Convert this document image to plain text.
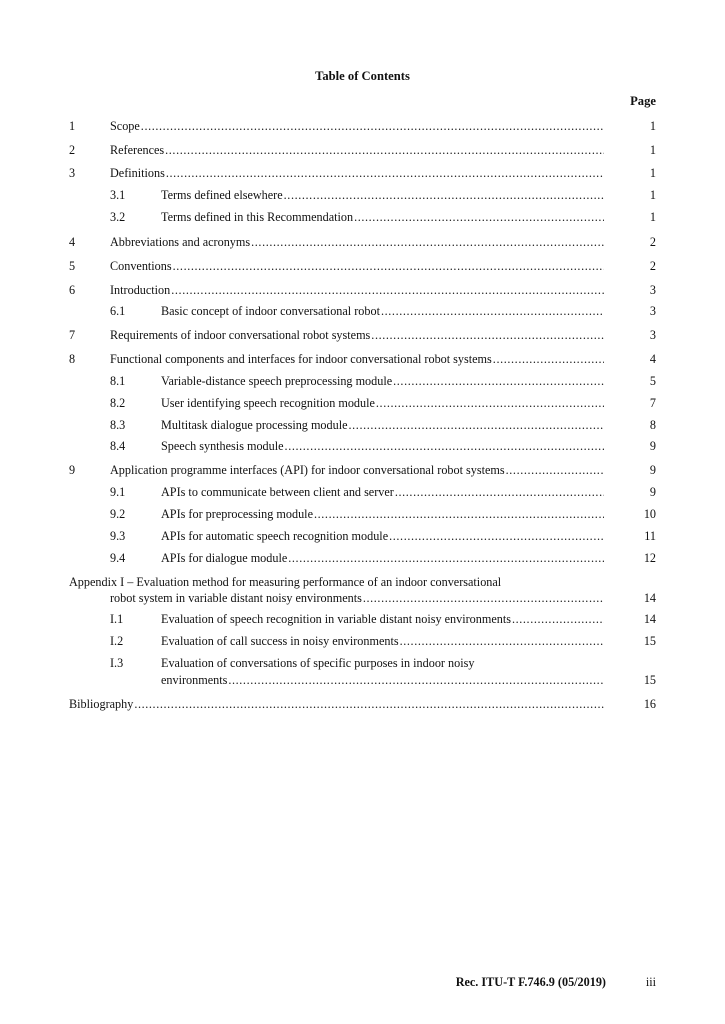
Table of Contents
Page
1	Scope .....	1
2	References .....	1
3	Definitions .....	1
3.1	Terms defined elsewhere .....	1
3.2	Terms defined in this Recommendation .....	1
4	Abbreviations and acronyms .....	2
5	Conventions .....	2
6	Introduction .....	3
6.1	Basic concept of indoor conversational robot .....	3
7	Requirements of indoor conversational robot systems .....	3
8	Functional components and interfaces for indoor conversational robot systems .....	4
8.1	Variable-distance speech preprocessing module .....	5
8.2	User identifying speech recognition module .....	7
8.3	Multitask dialogue processing module .....	8
8.4	Speech synthesis module .....	9
9	Application programme interfaces (API) for indoor conversational robot systems .....	9
9.1	APIs to communicate between client and server .....	9
9.2	APIs for preprocessing module .....	10
9.3	APIs for automatic speech recognition module .....	11
9.4	APIs for dialogue module .....	12
Appendix I – Evaluation method for measuring performance of an indoor conversational
robot system in variable distant noisy environments .....	14
I.1	Evaluation of speech recognition in variable distant noisy environments .....	14
I.2	Evaluation of call success in noisy environments .....	15
I.3	Evaluation of conversations of specific purposes in indoor noisy
environments .....	15
Bibliography .....	16
Rec. ITU-T F.746.9 (05/2019)	iii
